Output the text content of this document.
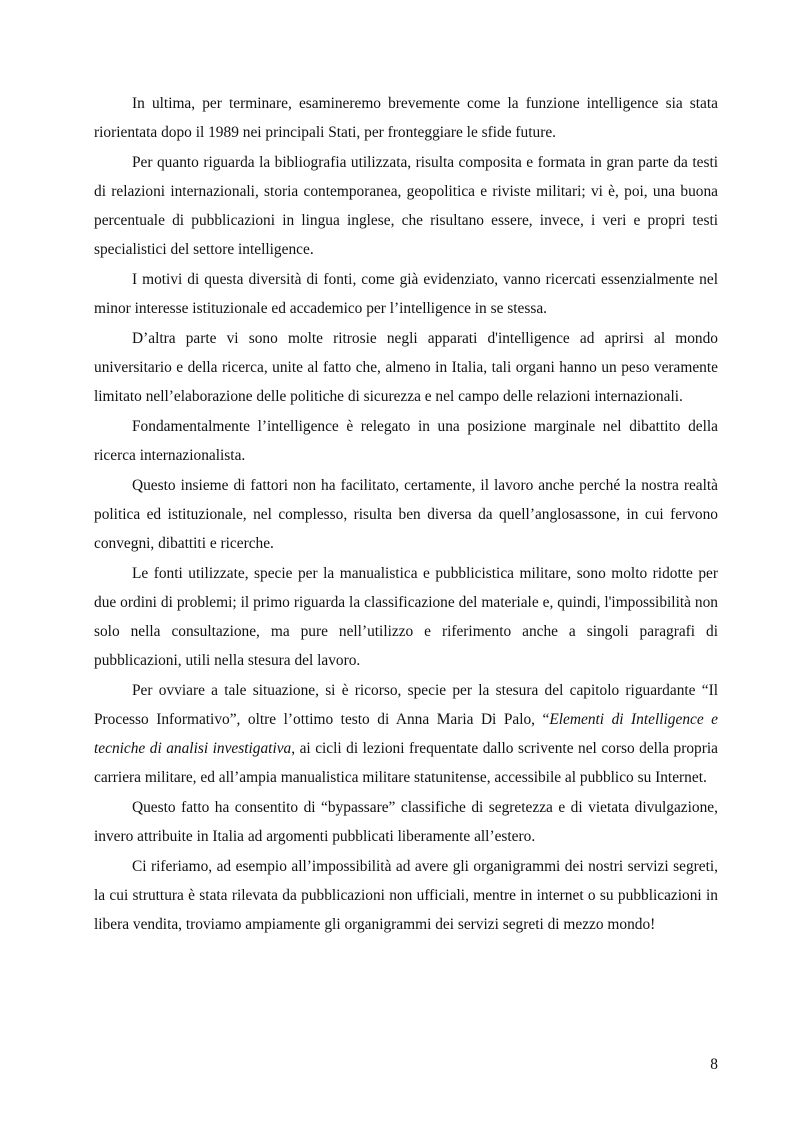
In ultima, per terminare, esamineremo brevemente come la funzione intelligence sia stata riorientata dopo il 1989 nei principali Stati, per fronteggiare le sfide future.

Per quanto riguarda la bibliografia utilizzata, risulta composita e formata in gran parte da testi di relazioni internazionali, storia contemporanea, geopolitica e riviste militari; vi è, poi, una buona percentuale di pubblicazioni in lingua inglese, che risultano essere, invece, i veri e propri testi specialistici del settore intelligence.

I motivi di questa diversità di fonti, come già evidenziato, vanno ricercati essenzialmente nel minor interesse istituzionale ed accademico per l’intelligence in se stessa.

D’altra parte vi sono molte ritrosie negli apparati d'intelligence ad aprirsi al mondo universitario e della ricerca, unite al fatto che, almeno in Italia, tali organi hanno un peso veramente limitato nell’elaborazione delle politiche di sicurezza e nel campo delle relazioni internazionali.

Fondamentalmente l’intelligence è relegato in una posizione marginale nel dibattito della ricerca internazionalista.

Questo insieme di fattori non ha facilitato, certamente, il lavoro anche perché la nostra realtà politica ed istituzionale, nel complesso, risulta ben diversa da quell’anglosassone, in cui fervono convegni, dibattiti e ricerche.

Le fonti utilizzate, specie per la manualistica e pubblicistica militare, sono molto ridotte per due ordini di problemi; il primo riguarda la classificazione del materiale e, quindi, l'impossibilità non solo nella consultazione, ma pure nell’utilizzo e riferimento anche a singoli paragrafi di pubblicazioni, utili nella stesura del lavoro.

Per ovviare a tale situazione, si è ricorso, specie per la stesura del capitolo riguardante “Il Processo Informativo”, oltre l’ottimo testo di Anna Maria Di Palo, “Elementi di Intelligence e tecniche di analisi investigativa, ai cicli di lezioni frequentate dallo scrivente nel corso della propria carriera militare, ed all’ampia manualistica militare statunitense, accessibile al pubblico su Internet.

Questo fatto ha consentito di “bypassare” classifiche di segretezza e di vietata divulgazione, invero attribuite in Italia ad argomenti pubblicati liberamente all’estero.

Ci riferiamo, ad esempio all’impossibilità ad avere gli organigrammi dei nostri servizi segreti, la cui struttura è stata rilevata da pubblicazioni non ufficiali, mentre in internet o su pubblicazioni in libera vendita, troviamo ampiamente gli organigrammi dei servizi segreti di mezzo mondo!

8
